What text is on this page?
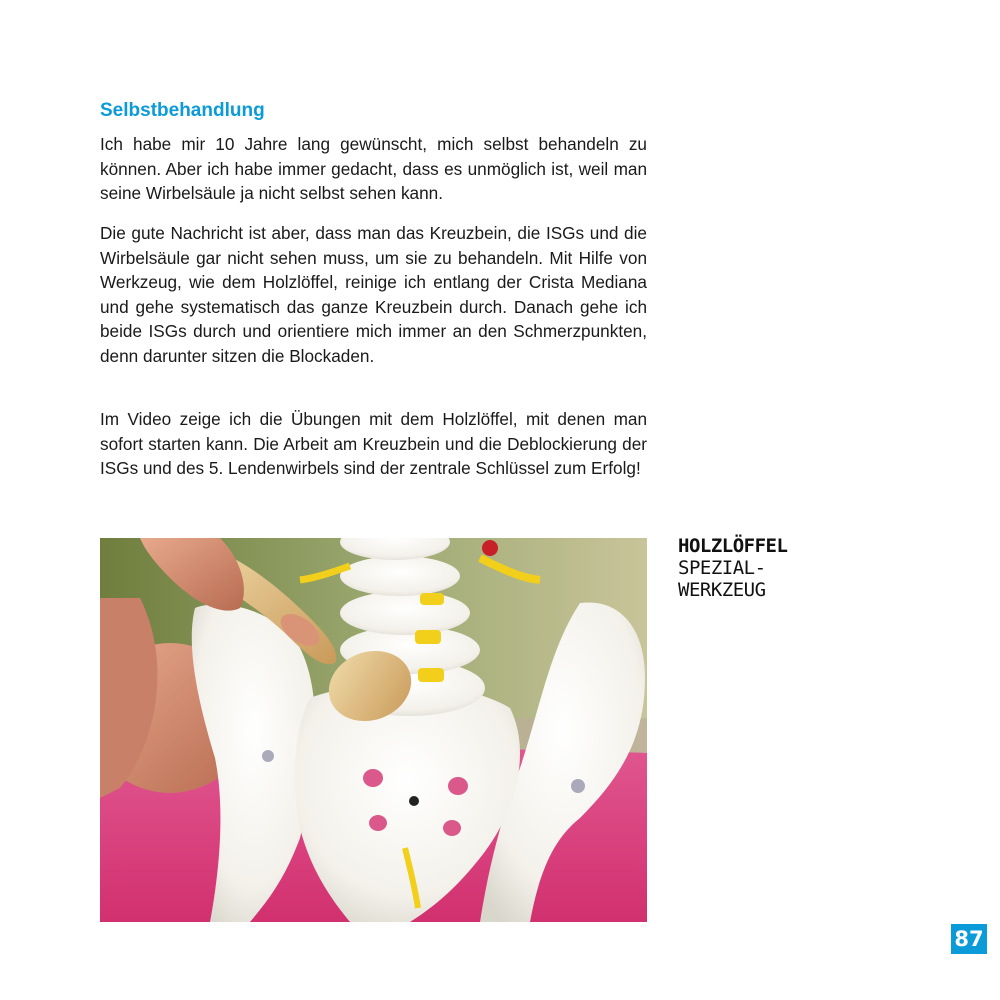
Selbstbehandlung

Ich habe mir 10 Jahre lang gewünscht, mich selbst behandeln zu können. Aber ich habe immer gedacht, dass es unmöglich ist, weil man seine Wirbelsäule ja nicht selbst sehen kann.

Die gute Nachricht ist aber, dass man das Kreuzbein, die ISGs und die Wirbelsäule gar nicht sehen muss, um sie zu behandeln. Mit Hilfe von Werkzeug, wie dem Holzlöffel, reinige ich entlang der Crista Mediana und gehe systematisch das ganze Kreuzbein durch. Danach gehe ich beide ISGs durch und orientiere mich immer an den Schmerzpunkten, denn darunter sitzen die Blockaden.

Im Video zeige ich die Übungen mit dem Holzlöffel, mit denen man sofort starten kann. Die Arbeit am Kreuzbein und die Deblockierung der ISGs und des 5. Lendenwirbels sind der zentrale Schlüssel zum Erfolg!

HOLZLÖFFEL
SPEZIAL-
WERKZEUG
87
